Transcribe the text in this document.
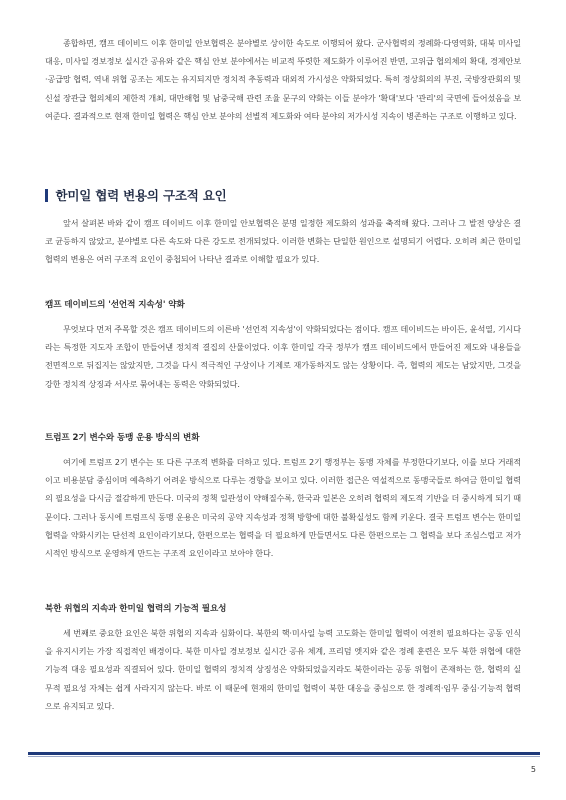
종합하면, 캠프 데이비드 이후 한미일 안보협력은 분야별로 상이한 속도로 이행되어 왔다. 군사협력의 정례화·다영역화, 대북 미사일 대응, 미사일 경보정보 실시간 공유와 같은 핵심 안보 분야에서는 비교적 뚜렷한 제도화가 이루어진 반면, 고위급 협의체의 확대, 경제안보·공급망 협력, 역내 위협 공조는 제도는 유지되지만 정치적 추동력과 대외적 가시성은 약화되었다. 특히 정상회의의 부진, 국방장관회의 및 신설 장관급 협의체의 제한적 개최, 대만해협 및 남중국해 관련 조율 문구의 약화는 이들 분야가 '확대'보다 '관리'의 국면에 들어섰음을 보여준다. 결과적으로 현재 한미일 협력은 핵심 안보 분야의 선별적 제도화와 여타 분야의 저가시성 지속이 병존하는 구조로 이행하고 있다.

한미일 협력 변용의 구조적 요인

앞서 살펴본 바와 같이 캠프 데이비드 이후 한미일 안보협력은 분명 일정한 제도화의 성과를 축적해 왔다. 그러나 그 발전 양상은 결코 균등하지 않았고, 분야별로 다른 속도와 다른 강도로 전개되었다. 이러한 변화는 단일한 원인으로 설명되기 어렵다. 오히려 최근 한미일 협력의 변용은 여러 구조적 요인이 중첩되어 나타난 결과로 이해할 필요가 있다.

캠프 데이비드의 '선언적 지속성' 약화

무엇보다 먼저 주목할 것은 캠프 데이비드의 이른바 '선언적 지속성'이 약화되었다는 점이다. 캠프 데이비드는 바이든, 윤석열, 기시다라는 특정한 지도자 조합이 만들어낸 정치적 결집의 산물이었다. 이후 한미일 각국 정부가 캠프 데이비드에서 만들어진 제도와 내용들을 전면적으로 뒤집지는 않았지만, 그것을 다시 적극적인 구상이나 기제로 재가동하지도 않는 상황이다. 즉, 협력의 제도는 남았지만, 그것을 강한 정치적 상징과 서사로 묶어내는 동력은 약화되었다.

트럼프 2기 변수와 동맹 운용 방식의 변화

여기에 트럼프 2기 변수는 또 다른 구조적 변화를 더하고 있다. 트럼프 2기 행정부는 동맹 자체를 부정한다기보다, 이를 보다 거래적이고 비용분담 중심이며 예측하기 어려운 방식으로 다루는 경향을 보이고 있다. 이러한 접근은 역설적으로 동맹국들로 하여금 한미일 협력의 필요성을 다시금 절감하게 만든다. 미국의 정책 일관성이 약해질수록, 한국과 일본은 오히려 협력의 제도적 기반을 더 중시하게 되기 때문이다. 그러나 동시에 트럼프식 동맹 운용은 미국의 공약 지속성과 정책 방향에 대한 불확실성도 함께 키운다. 결국 트럼프 변수는 한미일 협력을 약화시키는 단선적 요인이라기보다, 한편으로는 협력을 더 필요하게 만들면서도 다른 한편으로는 그 협력을 보다 조심스럽고 저가시적인 방식으로 운영하게 만드는 구조적 요인이라고 보아야 한다.

북한 위협의 지속과 한미일 협력의 기능적 필요성

세 번째로 중요한 요인은 북한 위협의 지속과 심화이다. 북한의 핵·미사일 능력 고도화는 한미일 협력이 여전히 필요하다는 공동 인식을 유지시키는 가장 직접적인 배경이다. 북한 미사일 경보정보 실시간 공유 체계, 프리덤 엣지와 같은 정례 훈련은 모두 북한 위협에 대한 기능적 대응 필요성과 직결되어 있다. 한미일 협력의 정치적 상징성은 약화되었을지라도 북한이라는 공동 위협이 존재하는 한, 협력의 실무적 필요성 자체는 쉽게 사라지지 않는다. 바로 이 때문에 현재의 한미일 협력이 북한 대응을 중심으로 한 정례적·임무 중심·기능적 협력으로 유지되고 있다.

5
